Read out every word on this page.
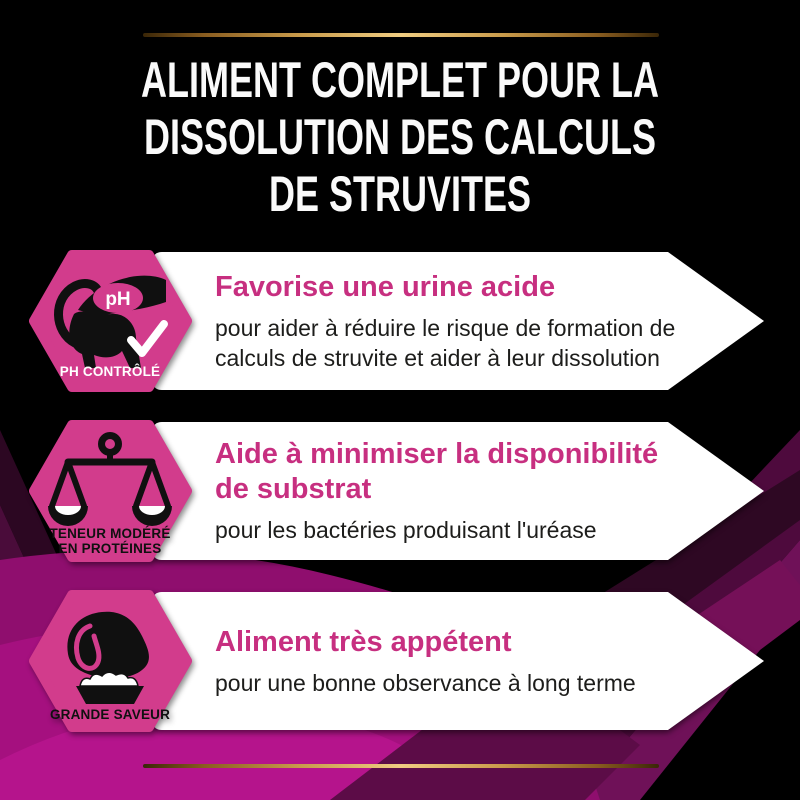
ALIMENT COMPLET POUR LA
DISSOLUTION DES CALCULS
DE STRUVITES
Favorise une urine acide
pour aider à réduire le risque de formation de
calculs de struvite et aider à leur dissolution
pH
PH CONTRÔLÉ
Aide à minimiser la disponibilité
de substrat
pour les bactéries produisant l'uréase
TENEUR MODÉRÉ
EN PROTÉINES
Aliment très appétent
pour une bonne observance à long terme
GRANDE SAVEUR
